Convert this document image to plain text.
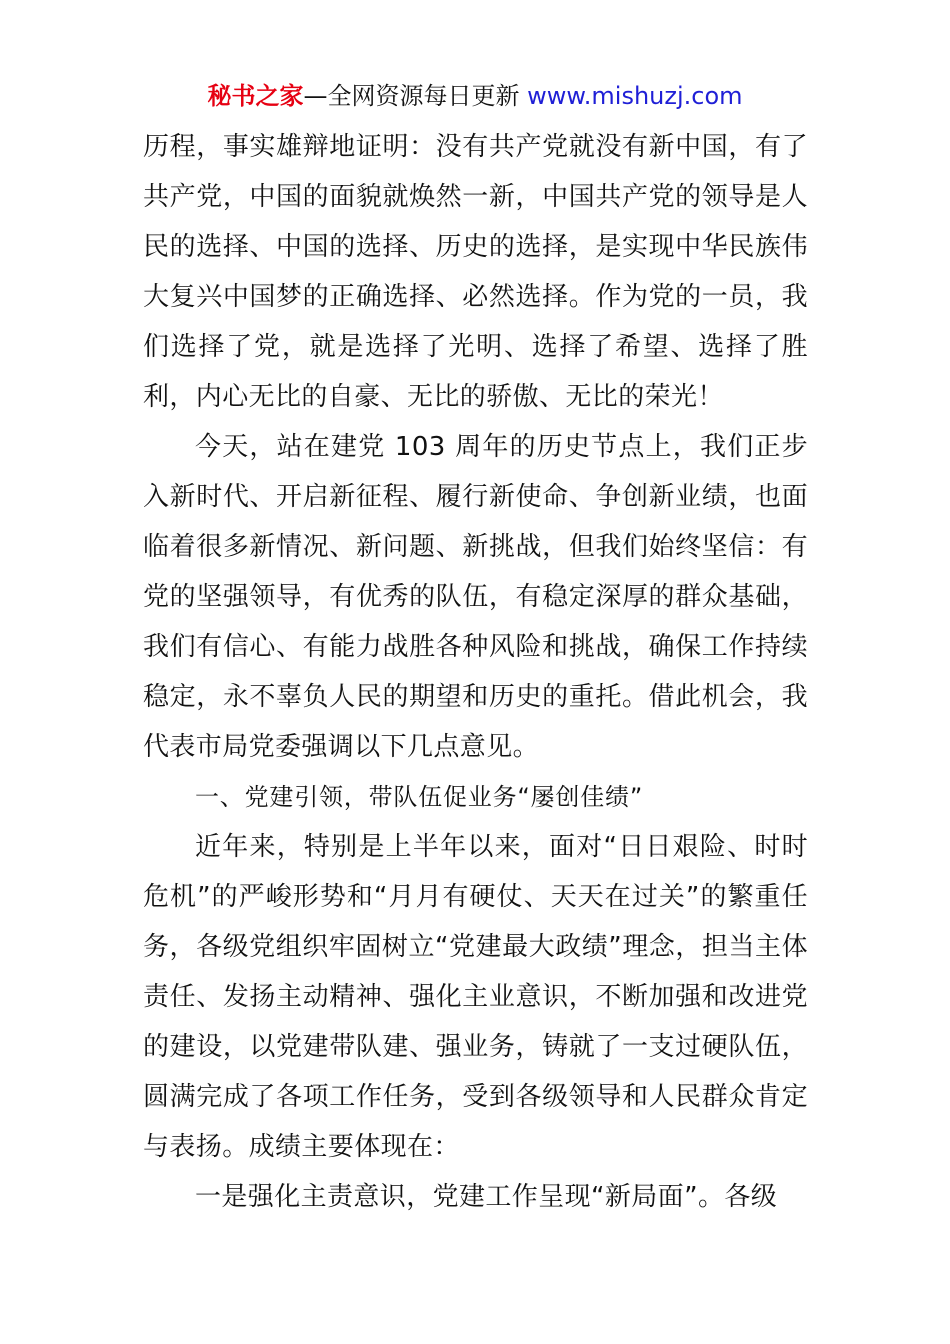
秘书之家—全网资源每日更新 www.mishuzj.com

历程，事实雄辩地证明：没有共产党就没有新中国，有了共产党，中国的面貌就焕然一新，中国共产党的领导是人民的选择、中国的选择、历史的选择，是实现中华民族伟大复兴中国梦的正确选择、必然选择。作为党的一员，我们选择了党，就是选择了光明、选择了希望、选择了胜利，内心无比的自豪、无比的骄傲、无比的荣光！

今天，站在建党 103 周年的历史节点上，我们正步入新时代、开启新征程、履行新使命、争创新业绩，也面临着很多新情况、新问题、新挑战，但我们始终坚信：有党的坚强领导，有优秀的队伍，有稳定深厚的群众基础，我们有信心、有能力战胜各种风险和挑战，确保工作持续稳定，永不辜负人民的期望和历史的重托。借此机会，我代表市局党委强调以下几点意见。

一、党建引领，带队伍促业务“屡创佳绩”

近年来，特别是上半年以来，面对“日日艰险、时时危机”的严峻形势和“月月有硬仗、天天在过关”的繁重任务，各级党组织牢固树立“党建最大政绩”理念，担当主体责任、发扬主动精神、强化主业意识，不断加强和改进党的建设，以党建带队建、强业务，铸就了一支过硬队伍，圆满完成了各项工作任务，受到各级领导和人民群众肯定与表扬。成绩主要体现在：

一是强化主责意识，党建工作呈现“新局面”。各级
